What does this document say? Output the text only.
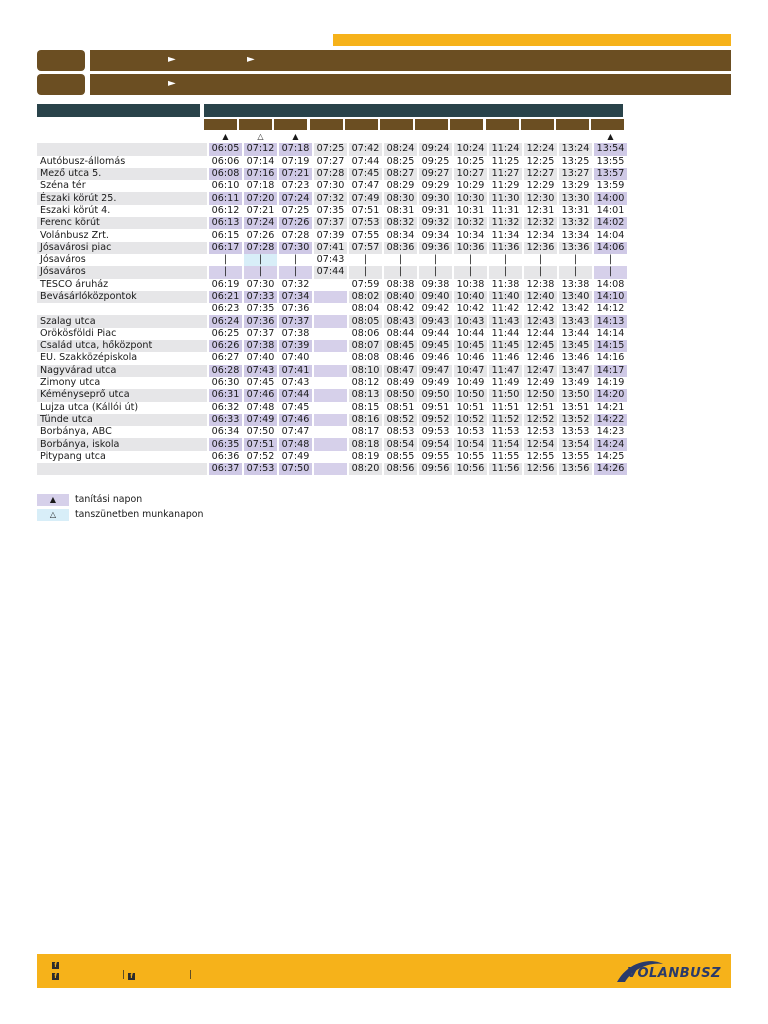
►	►
►
	▲	△	▲									▲
	06:05	07:12	07:18	07:25	07:42	08:24	09:24	10:24	11:24	12:24	13:24	13:54
Autóbusz-állomás	06:06	07:14	07:19	07:27	07:44	08:25	09:25	10:25	11:25	12:25	13:25	13:55
Mező utca 5.	06:08	07:16	07:21	07:28	07:45	08:27	09:27	10:27	11:27	12:27	13:27	13:57
Széna tér	06:10	07:18	07:23	07:30	07:47	08:29	09:29	10:29	11:29	12:29	13:29	13:59
Északi körút 25.	06:11	07:20	07:24	07:32	07:49	08:30	09:30	10:30	11:30	12:30	13:30	14:00
Északi körút 4.	06:12	07:21	07:25	07:35	07:51	08:31	09:31	10:31	11:31	12:31	13:31	14:01
Ferenc körút	06:13	07:24	07:26	07:37	07:53	08:32	09:32	10:32	11:32	12:32	13:32	14:02
Volánbusz Zrt.	06:15	07:26	07:28	07:39	07:55	08:34	09:34	10:34	11:34	12:34	13:34	14:04
Jósavárosi piac	06:17	07:28	07:30	07:41	07:57	08:36	09:36	10:36	11:36	12:36	13:36	14:06
Jósaváros	|	|	|	07:43	|	|	|	|	|	|	|	|
Jósaváros	|	|	|	07:44	|	|	|	|	|	|	|	|
TESCO áruház	06:19	07:30	07:32		07:59	08:38	09:38	10:38	11:38	12:38	13:38	14:08
Bevásárlóközpontok	06:21	07:33	07:34		08:02	08:40	09:40	10:40	11:40	12:40	13:40	14:10
	06:23	07:35	07:36		08:04	08:42	09:42	10:42	11:42	12:42	13:42	14:12
Szalag utca	06:24	07:36	07:37		08:05	08:43	09:43	10:43	11:43	12:43	13:43	14:13
Örökösföldi Piac	06:25	07:37	07:38		08:06	08:44	09:44	10:44	11:44	12:44	13:44	14:14
Család utca, hőközpont	06:26	07:38	07:39		08:07	08:45	09:45	10:45	11:45	12:45	13:45	14:15
EÜ. Szakközépiskola	06:27	07:40	07:40		08:08	08:46	09:46	10:46	11:46	12:46	13:46	14:16
Nagyvárad utca	06:28	07:43	07:41		08:10	08:47	09:47	10:47	11:47	12:47	13:47	14:17
Zimony utca	06:30	07:45	07:43		08:12	08:49	09:49	10:49	11:49	12:49	13:49	14:19
Kéményseprő utca	06:31	07:46	07:44		08:13	08:50	09:50	10:50	11:50	12:50	13:50	14:20
Lujza utca (Kállói út)	06:32	07:48	07:45		08:15	08:51	09:51	10:51	11:51	12:51	13:51	14:21
Tünde utca	06:33	07:49	07:46		08:16	08:52	09:52	10:52	11:52	12:52	13:52	14:22
Borbánya, ABC	06:34	07:50	07:47		08:17	08:53	09:53	10:53	11:53	12:53	13:53	14:23
Borbánya, iskola	06:35	07:51	07:48		08:18	08:54	09:54	10:54	11:54	12:54	13:54	14:24
Pitypang utca	06:36	07:52	07:49		08:19	08:55	09:55	10:55	11:55	12:55	13:55	14:25
	06:37	07:53	07:50		08:20	08:56	09:56	10:56	11:56	12:56	13:56	14:26
▲	tanítási napon
△	tanszünetben munkanapon
f
f	| f	|	VOLANBUSZ
